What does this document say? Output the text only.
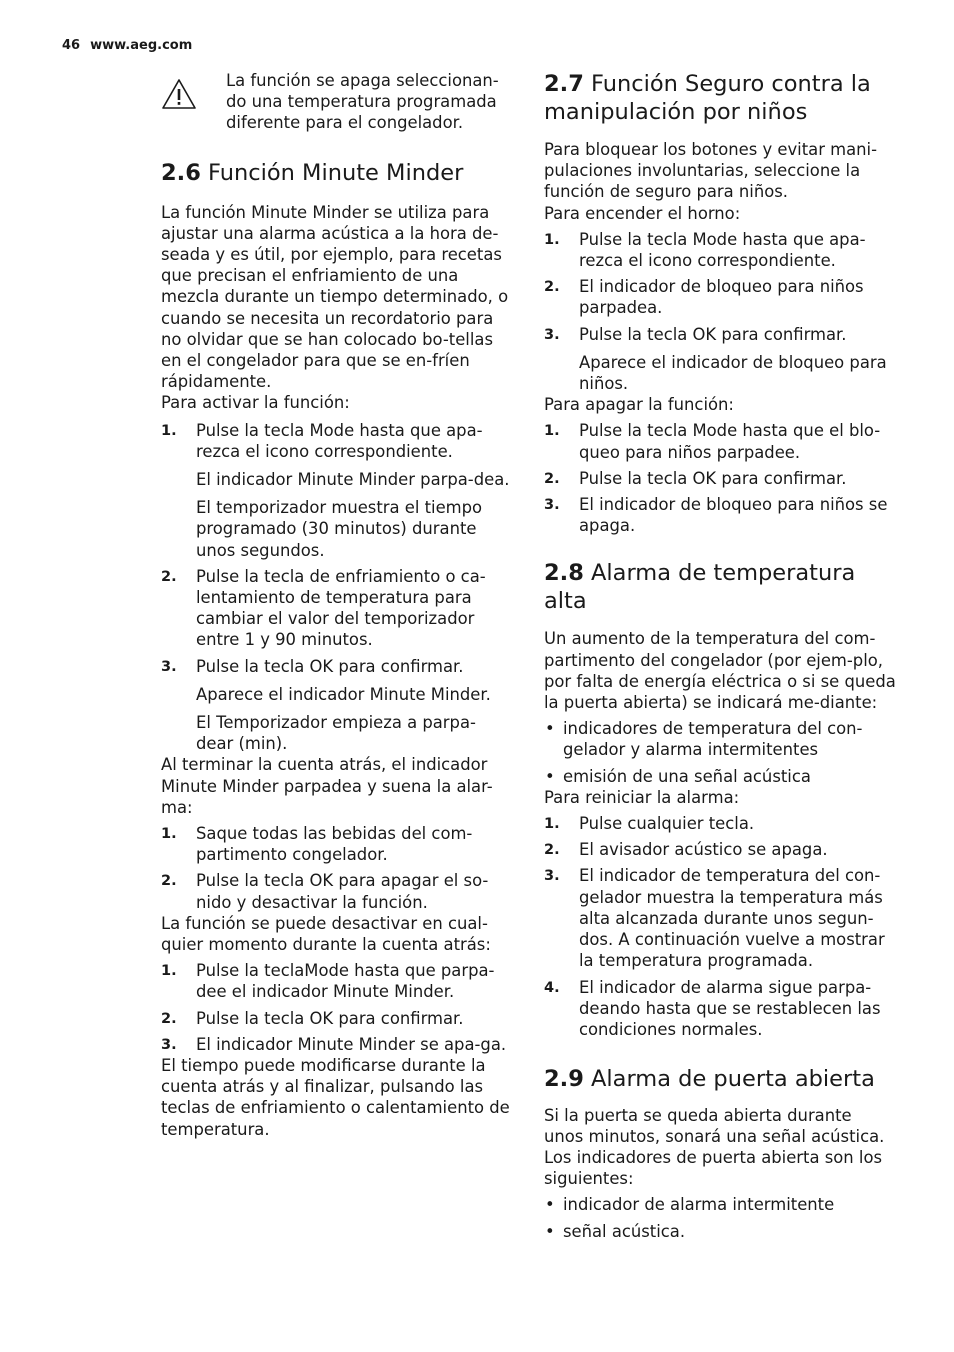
46 www.aeg.com

La función se apaga seleccionan-do una temperatura programada diferente para el congelador.

2.6 Función Minute Minder

La función Minute Minder se utiliza para ajustar una alarma acústica a la hora de-seada y es útil, por ejemplo, para recetas que precisan el enfriamiento de una mezcla durante un tiempo determinado, o cuando se necesita un recordatorio para no olvidar que se han colocado bo-tellas en el congelador para que se en-fríen rápidamente.

Para activar la función:

1. Pulse la tecla Mode hasta que apa-rezca el icono correspondiente.
El indicador Minute Minder parpa-dea.
El temporizador muestra el tiempo programado (30 minutos) durante unos segundos.
2. Pulse la tecla de enfriamiento o ca-lentamiento de temperatura para cambiar el valor del temporizador entre 1 y 90 minutos.
3. Pulse la tecla OK para confirmar.
Aparece el indicador Minute Minder.
El Temporizador empieza a parpa-dear (min).

Al terminar la cuenta atrás, el indicador Minute Minder parpadea y suena la alar-ma:

1. Saque todas las bebidas del com-partimento congelador.
2. Pulse la tecla OK para apagar el so-nido y desactivar la función.

La función se puede desactivar en cual-quier momento durante la cuenta atrás:

1. Pulse la teclaMode hasta que parpa-dee el indicador Minute Minder.
2. Pulse la tecla OK para confirmar.
3. El indicador Minute Minder se apa-ga.

El tiempo puede modificarse durante la cuenta atrás y al finalizar, pulsando las teclas de enfriamiento o calentamiento de temperatura.

2.7 Función Seguro contra la manipulación por niños

Para bloquear los botones y evitar mani-pulaciones involuntarias, seleccione la función de seguro para niños.

Para encender el horno:

1. Pulse la tecla Mode hasta que apa-rezca el icono correspondiente.
2. El indicador de bloqueo para niños parpadea.
3. Pulse la tecla OK para confirmar.
Aparece el indicador de bloqueo para niños.

Para apagar la función:

1. Pulse la tecla Mode hasta que el blo-queo para niños parpadee.
2. Pulse la tecla OK para confirmar.
3. El indicador de bloqueo para niños se apaga.
2.8 Alarma de temperatura alta

Un aumento de la temperatura del com-partimento del congelador (por ejem-plo, por falta de energía eléctrica o si se queda la puerta abierta) se indicará me-diante:

• indicadores de temperatura del con-gelador y alarma intermitentes
• emisión de una señal acústica

Para reiniciar la alarma:

1. Pulse cualquier tecla.
2. El avisador acústico se apaga.
3. El indicador de temperatura del con-gelador muestra la temperatura más alta alcanzada durante unos segun-dos. A continuación vuelve a mostrar la temperatura programada.
4. El indicador de alarma sigue parpa-deando hasta que se restablecen las condiciones normales.
2.9 Alarma de puerta abierta

Si la puerta se queda abierta durante unos minutos, sonará una señal acústica. Los indicadores de puerta abierta son los siguientes:

• indicador de alarma intermitente
• señal acústica.
